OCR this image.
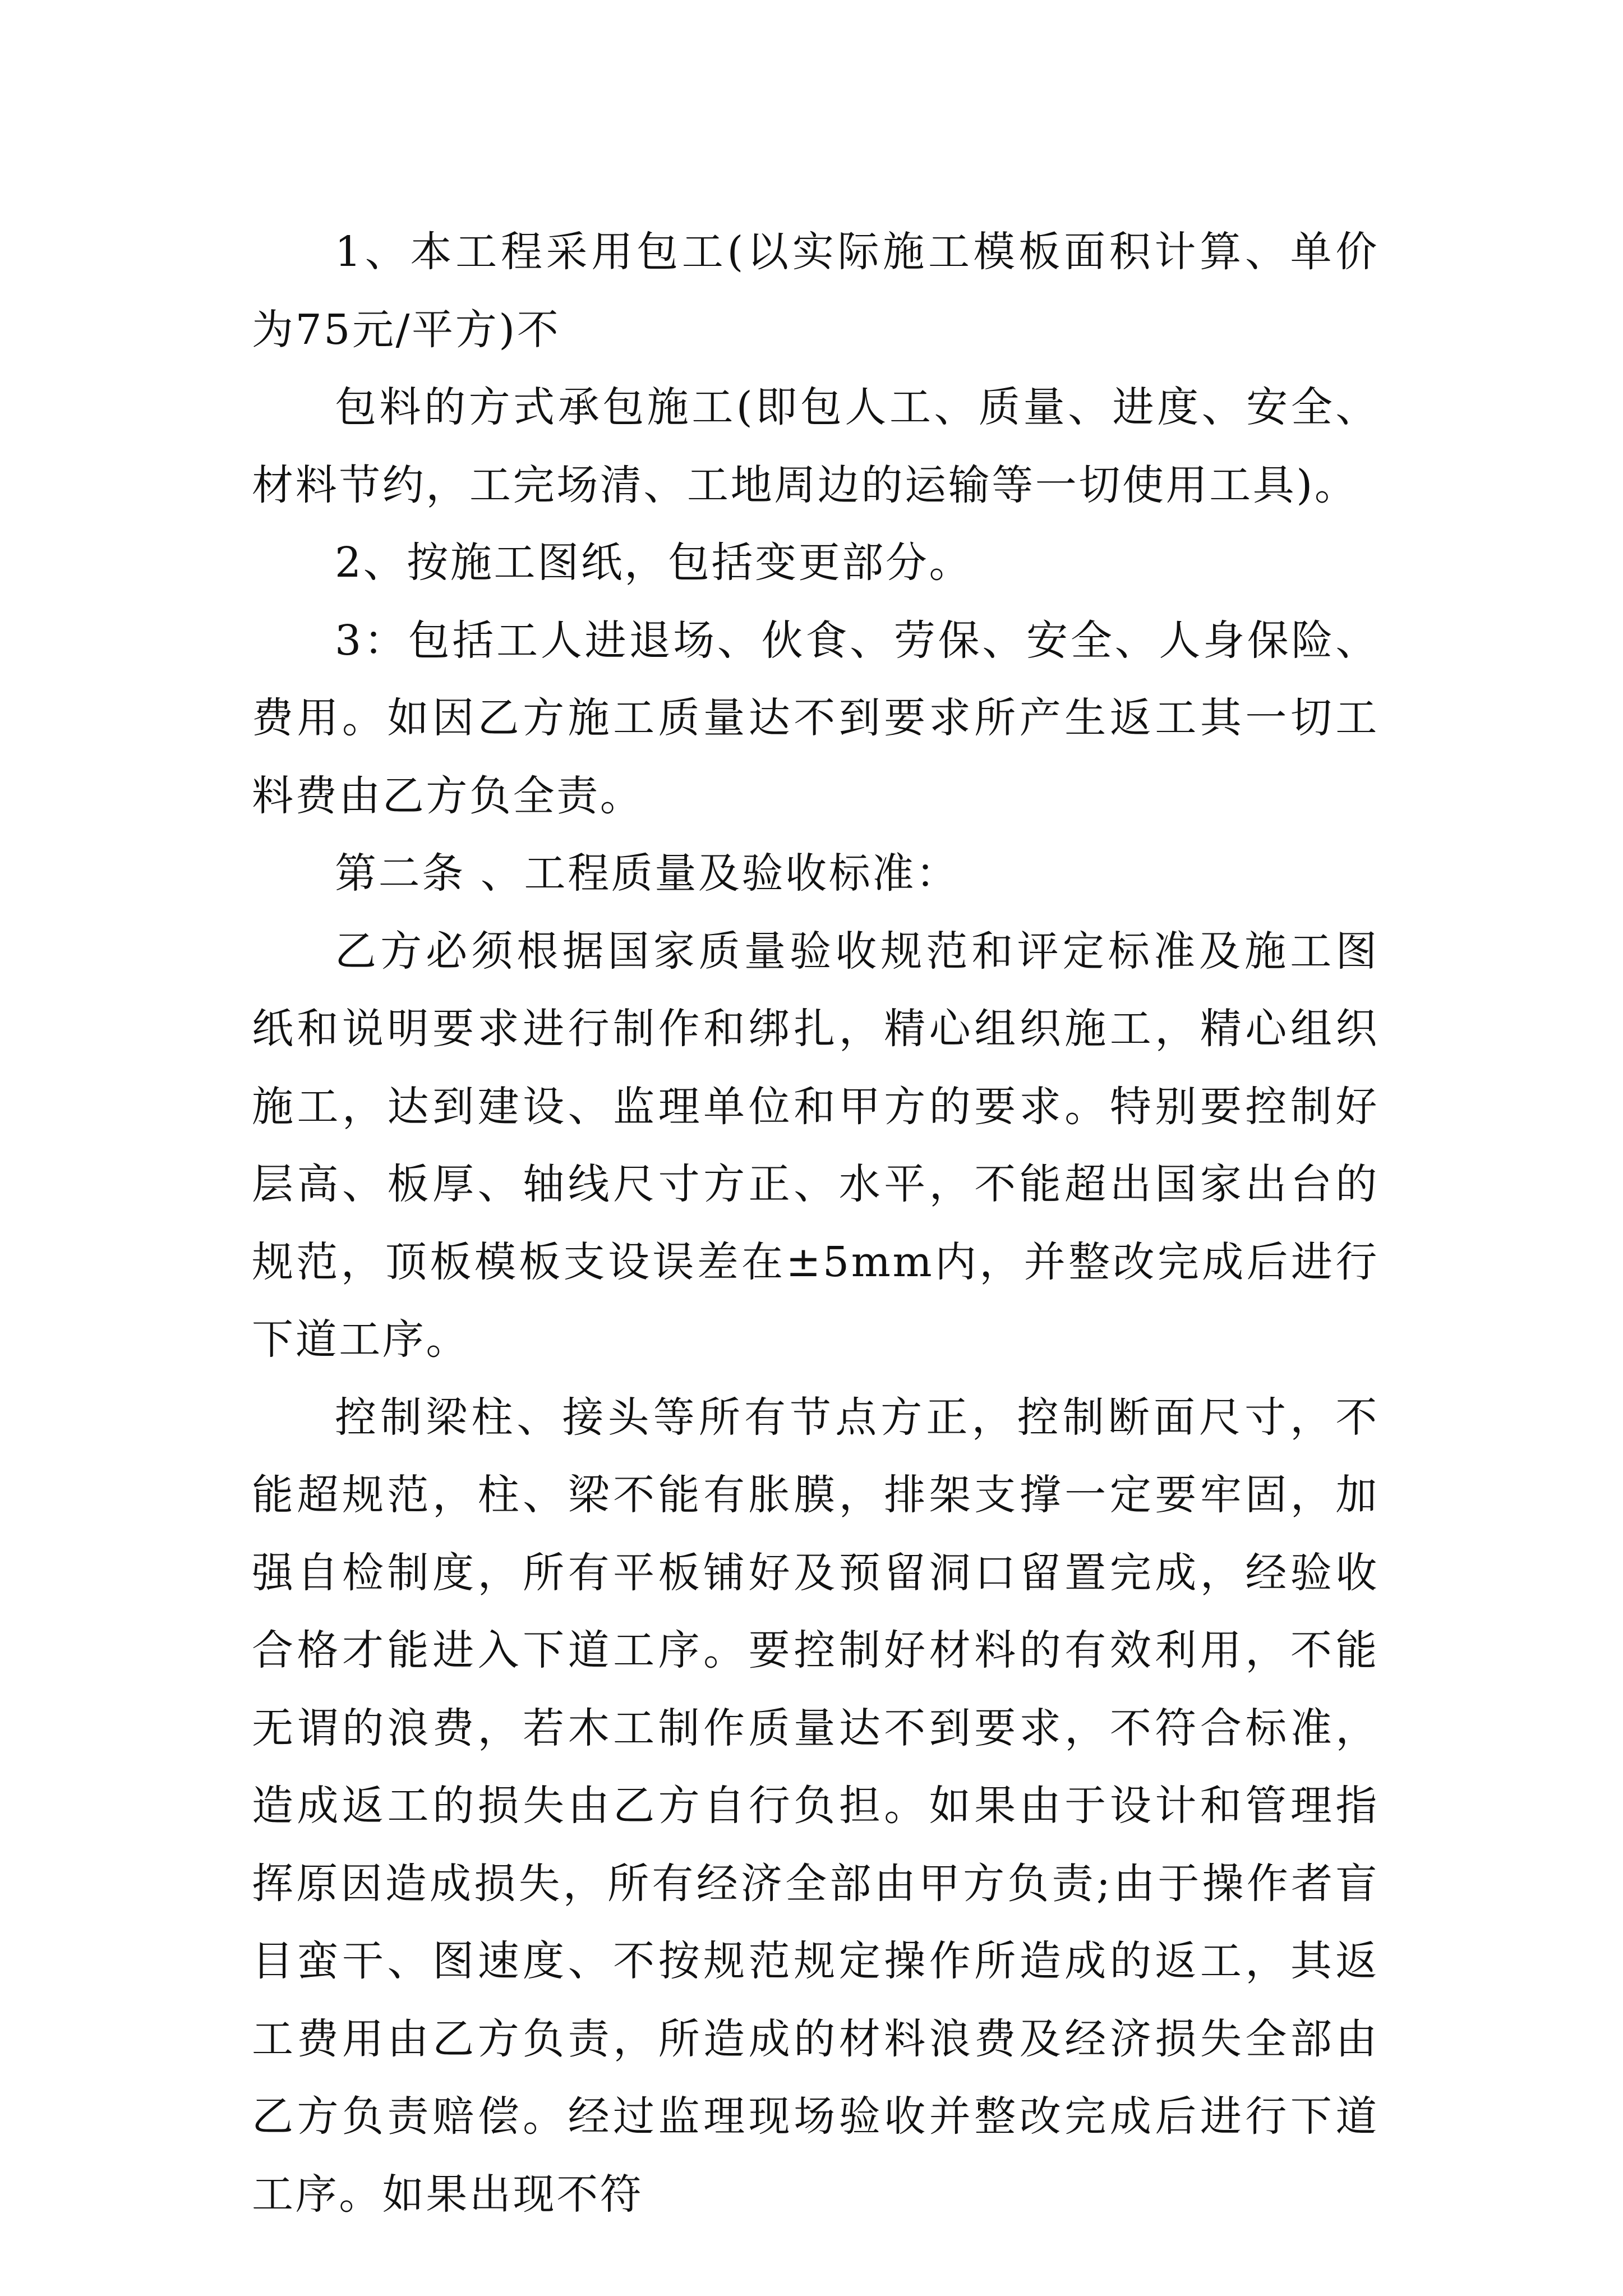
1、本工程采用包工(以实际施工模板面积计算、单价为75元/平方)不

包料的方式承包施工(即包人工、质量、进度、安全、材料节约，工完场清、工地周边的运输等一切使用工具)。

2、按施工图纸，包括变更部分。

3：包括工人进退场、伙食、劳保、安全、人身保险、费用。如因乙方施工质量达不到要求所产生返工其一切工料费由乙方负全责。

第二条 、工程质量及验收标准：

乙方必须根据国家质量验收规范和评定标准及施工图纸和说明要求进行制作和绑扎，精心组织施工，精心组织施工，达到建设、监理单位和甲方的要求。特别要控制好层高、板厚、轴线尺寸方正、水平，不能超出国家出台的规范，顶板模板支设误差在±5mm内，并整改完成后进行下道工序。

控制梁柱、接头等所有节点方正，控制断面尺寸，不能超规范，柱、梁不能有胀膜，排架支撑一定要牢固，加强自检制度，所有平板铺好及预留洞口留置完成，经验收合格才能进入下道工序。要控制好材料的有效利用，不能无谓的浪费，若木工制作质量达不到要求，不符合标准，造成返工的损失由乙方自行负担。如果由于设计和管理指挥原因造成损失，所有经济全部由甲方负责;由于操作者盲目蛮干、图速度、不按规范规定操作所造成的返工，其返工费用由乙方负责，所造成的材料浪费及经济损失全部由乙方负责赔偿。经过监理现场验收并整改完成后进行下道工序。如果出现不符
